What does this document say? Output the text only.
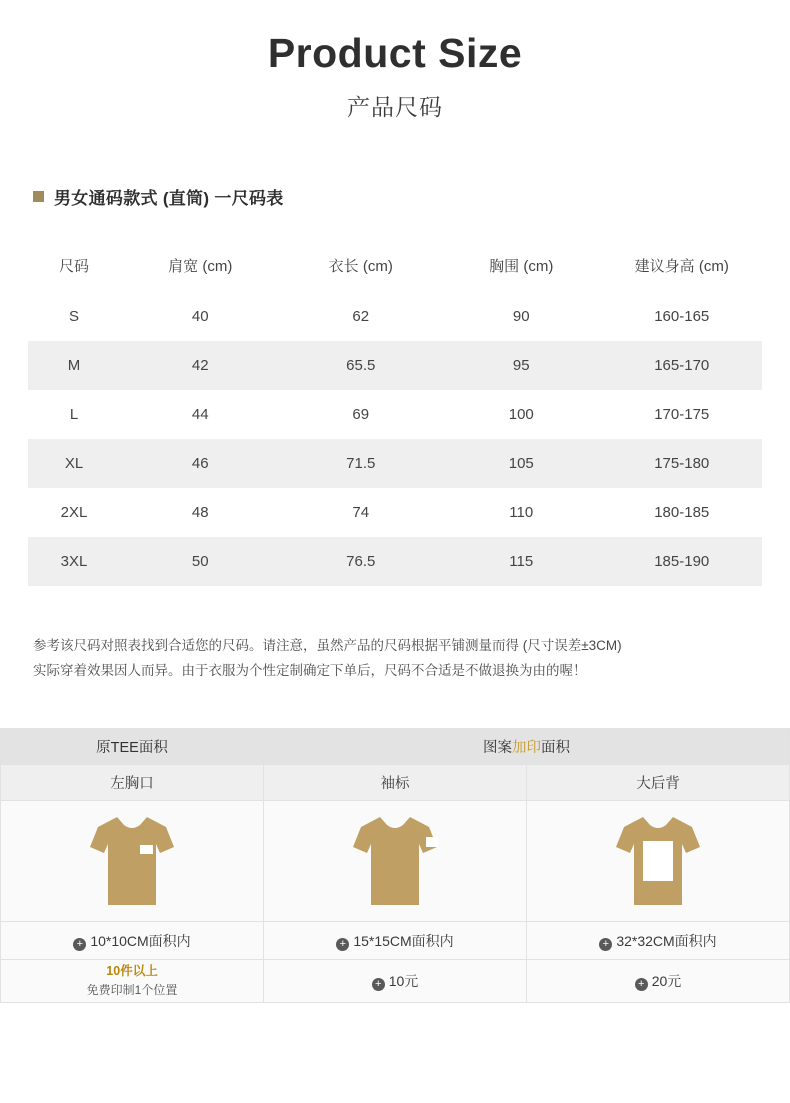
Product Size
产品尺码
男女通码款式 (直筒) 一尺码表
尺码	肩宽 (cm)	衣长 (cm)	胸围 (cm)	建议身高 (cm)
S	40	62	90	160-165
M	42	65.5	95	165-170
L	44	69	100	170-175
XL	46	71.5	105	175-180
2XL	48	74	110	180-185
3XL	50	76.5	115	185-190
参考该尺码对照表找到合适您的尺码。请注意，虽然产品的尺码根据平铺测量而得 (尺寸误差±3CM)
实际穿着效果因人而异。由于衣服为个性定制确定下单后，尺码不合适是不做退换为由的喔！
原TEE面积	图案加印面积	
左胸口	袖标	大后背

+ 10*10CM面积内	+ 15*15CM面积内	+ 32*32CM面积内

10件以上
免费印制1个位置	+ 10元	+ 20元
